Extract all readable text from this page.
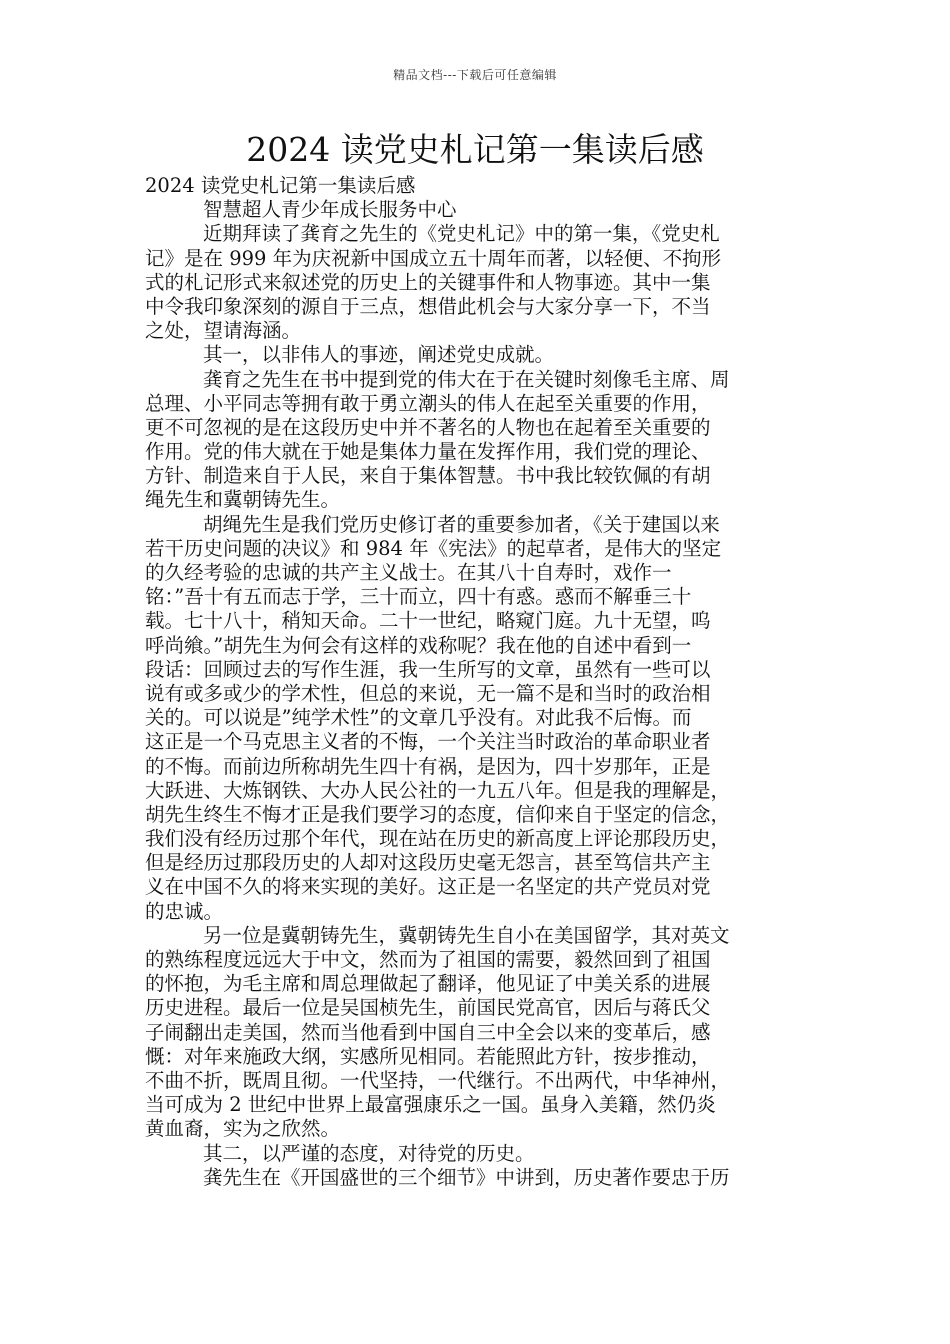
精品文档---下载后可任意编辑
2024 读党史札记第一集读后感
2024 读党史札记第一集读后感
智慧超人青少年成长服务中心
近期拜读了龚育之先生的《党史札记》中的第一集，《党史札
记》是在 999 年为庆祝新中国成立五十周年而著，以轻便、不拘形
式的札记形式来叙述党的历史上的关键事件和人物事迹。其中一集
中令我印象深刻的源自于三点，想借此机会与大家分享一下，不当
之处，望请海涵。
其一，以非伟人的事迹，阐述党史成就。
龚育之先生在书中提到党的伟大在于在关键时刻像毛主席、周
总理、小平同志等拥有敢于勇立潮头的伟人在起至关重要的作用，
更不可忽视的是在这段历史中并不著名的人物也在起着至关重要的
作用。党的伟大就在于她是集体力量在发挥作用，我们党的理论、
方针、制造来自于人民，来自于集体智慧。书中我比较钦佩的有胡
绳先生和冀朝铸先生。
胡绳先生是我们党历史修订者的重要参加者，《关于建国以来
若干历史问题的决议》和 984 年《宪法》的起草者，是伟大的坚定
的久经考验的忠诚的共产主义战士。在其八十自寿时，戏作一
铭：”吾十有五而志于学，三十而立，四十有惑。惑而不解垂三十
载。七十八十，稍知天命。二十一世纪，略窥门庭。九十无望，呜
呼尚飨。”胡先生为何会有这样的戏称呢？我在他的自述中看到一
段话：回顾过去的写作生涯，我一生所写的文章，虽然有一些可以
说有或多或少的学术性，但总的来说，无一篇不是和当时的政治相
关的。可以说是”纯学术性”的文章几乎没有。对此我不后悔。而
这正是一个马克思主义者的不悔，一个关注当时政治的革命职业者
的不悔。而前边所称胡先生四十有祸，是因为，四十岁那年，正是
大跃进、大炼钢铁、大办人民公社的一九五八年。但是我的理解是，
胡先生终生不悔才正是我们要学习的态度，信仰来自于坚定的信念，
我们没有经历过那个年代，现在站在历史的新高度上评论那段历史，
但是经历过那段历史的人却对这段历史毫无怨言，甚至笃信共产主
义在中国不久的将来实现的美好。这正是一名坚定的共产党员对党
的忠诚。
另一位是冀朝铸先生，冀朝铸先生自小在美国留学，其对英文
的熟练程度远远大于中文，然而为了祖国的需要，毅然回到了祖国
的怀抱，为毛主席和周总理做起了翻译，他见证了中美关系的进展
历史进程。最后一位是吴国桢先生，前国民党高官，因后与蒋氏父
子闹翻出走美国，然而当他看到中国自三中全会以来的变革后，感
慨：对年来施政大纲，实感所见相同。若能照此方针，按步推动，
不曲不折，既周且彻。一代坚持，一代继行。不出两代，中华神州，
当可成为 2 世纪中世界上最富强康乐之一国。虽身入美籍，然仍炎
黄血裔，实为之欣然。
其二，以严谨的态度，对待党的历史。
龚先生在《开国盛世的三个细节》中讲到，历史著作要忠于历
